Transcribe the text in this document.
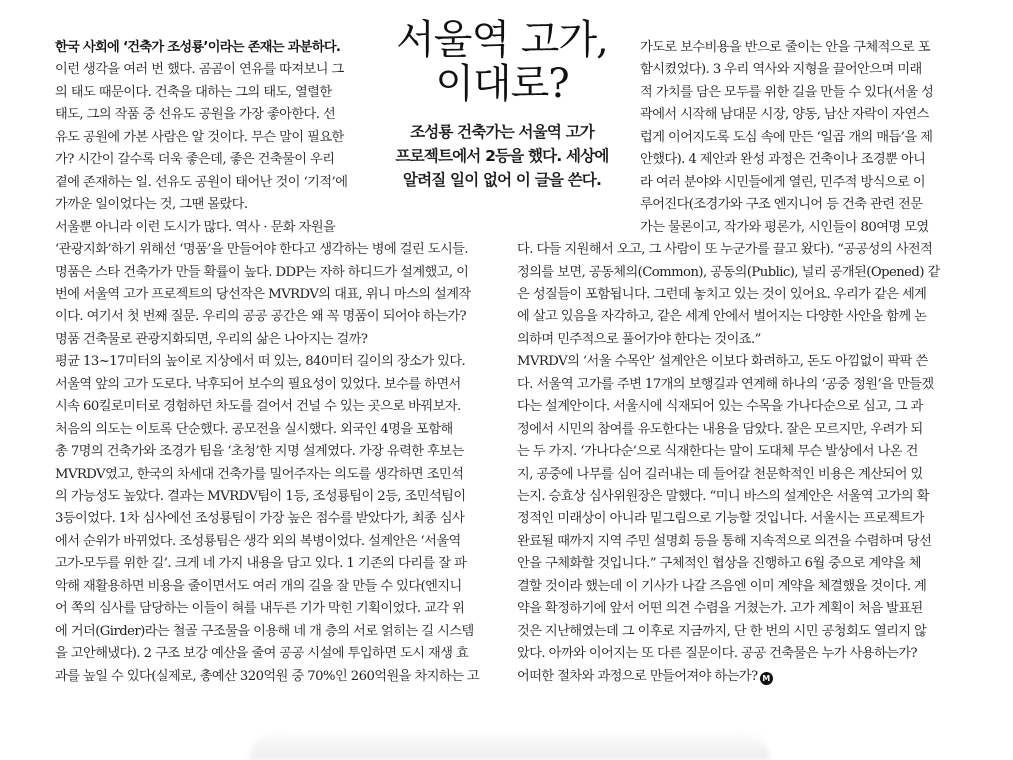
서울역 고가,
이대로?
조성룡 건축가는 서울역 고가
프로젝트에서 2등을 했다. 세상에
알려질 일이 없어 이 글을 쓴다.
한국 사회에 ‘건축가 조성룡’이라는 존재는 과분하다.
이런 생각을 여러 번 했다. 곰곰이 연유를 따져보니 그
의 태도 때문이다. 건축을 대하는 그의 태도, 열렬한
태도, 그의 작품 중 선유도 공원을 가장 좋아한다. 선
유도 공원에 가본 사람은 알 것이다. 무슨 말이 필요한
가? 시간이 갈수록 더욱 좋은데, 좋은 건축물이 우리
곁에 존재하는 일. 선유도 공원이 태어난 것이 ‘기적’에
가까운 일이었다는 것, 그땐 몰랐다.
서울뿐 아니라 이런 도시가 많다. 역사 · 문화 자원을
‘관광지화’하기 위해선 ‘명품’을 만들어야 한다고 생각하는 병에 걸린 도시들.
명품은 스타 건축가가 만들 확률이 높다. DDP는 자하 하디드가 설계했고, 이
번에 서울역 고가 프로젝트의 당선작은 MVRDV의 대표, 위니 마스의 설계작
이다. 여기서 첫 번째 질문. 우리의 공공 공간은 왜 꼭 명품이 되어야 하는가?
명품 건축물로 관광지화되면, 우리의 삶은 나아지는 걸까?
평균 13~17미터의 높이로 지상에서 떠 있는, 840미터 길이의 장소가 있다.
서울역 앞의 고가 도로다. 낙후되어 보수의 필요성이 있었다. 보수를 하면서
시속 60킬로미터로 경험하던 차도를 걸어서 건널 수 있는 곳으로 바꿔보자.
처음의 의도는 이토록 단순했다. 공모전을 실시했다. 외국인 4명을 포함해
총 7명의 건축가와 조경가 팀을 ‘초청’한 지명 설계였다. 가장 유력한 후보는
MVRDV였고, 한국의 차세대 건축가를 밀어주자는 의도를 생각하면 조민석
의 가능성도 높았다. 결과는 MVRDV팀이 1등, 조성룡팀이 2등, 조민석팀이
3등이었다. 1차 심사에선 조성룡팀이 가장 높은 점수를 받았다가, 최종 심사
에서 순위가 바뀌었다. 조성룡팀은 생각 외의 복병이었다. 설계안은 ‘서울역
고가-모두를 위한 길’. 크게 네 가지 내용을 담고 있다. 1 기존의 다리를 잘 파
악해 재활용하면 비용을 줄이면서도 여러 개의 길을 잘 만들 수 있다(엔지니
어 쪽의 심사를 담당하는 이들이 혀를 내두른 기가 막힌 기획이었다. 교각 위
에 거더(Girder)라는 철골 구조물을 이용해 네 개 층의 서로 얽히는 길 시스템
을 고안해냈다). 2 구조 보강 예산을 줄여 공공 시설에 투입하면 도시 재생 효
과를 높일 수 있다(실제로, 총예산 320억원 중 70%인 260억원을 차지하는 고
가도로 보수비용을 반으로 줄이는 안을 구체적으로 포
함시켰었다). 3 우리 역사와 지형을 끌어안으며 미래
적 가치를 담은 모두를 위한 길을 만들 수 있다(서울 성
곽에서 시작해 남대문 시장, 양동, 남산 자락이 자연스
럽게 이어지도록 도심 속에 만든 ‘일곱 개의 매듭’을 제
안했다). 4 제안과 완성 과정은 건축이나 조경뿐 아니
라 여러 분야와 시민들에게 열린, 민주적 방식으로 이
루어진다(조경가와 구조 엔지니어 등 건축 관련 전문
가는 물론이고, 작가와 평론가, 시인들이 80여명 모였
다. 다들 지원해서 오고, 그 사람이 또 누군가를 끌고 왔다). “공공성의 사전적
정의를 보면, 공동체의(Common), 공동의(Public), 널리 공개된(Opened) 같
은 성질들이 포함됩니다. 그런데 놓치고 있는 것이 있어요. 우리가 같은 세계
에 살고 있음을 자각하고, 같은 세계 안에서 벌어지는 다양한 사안을 함께 논
의하며 민주적으로 풀어가야 한다는 것이죠.”
MVRDV의 ‘서울 수목안’ 설계안은 이보다 화려하고, 돈도 아낌없이 팍팍 쓴
다. 서울역 고가를 주변 17개의 보행길과 연계해 하나의 ‘공중 정원’을 만들겠
다는 설계안이다. 서울시에 식재되어 있는 수목을 가나다순으로 심고, 그 과
정에서 시민의 참여를 유도한다는 내용을 담았다. 잘은 모르지만, 우려가 되
는 두 가지. ‘가나다순’으로 식재한다는 말이 도대체 무슨 발상에서 나온 건
지, 공중에 나무를 심어 길러내는 데 들어갈 천문학적인 비용은 계산되어 있
는지. 승효상 심사위원장은 말했다. “미니 바스의 설계안은 서울역 고가의 확
정적인 미래상이 아니라 밑그림으로 기능할 것입니다. 서울시는 프로젝트가
완료될 때까지 지역 주민 설명회 등을 통해 지속적으로 의견을 수렴하며 당선
안을 구체화할 것입니다.” 구체적인 협상을 진행하고 6월 중으로 계약을 체
결할 것이라 했는데 이 기사가 나갈 즈음엔 이미 계약을 체결했을 것이다. 계
약을 확정하기에 앞서 어떤 의견 수렴을 거쳤는가. 고가 계획이 처음 발표된
것은 지난해였는데 그 이후로 지금까지, 단 한 번의 시민 공청회도 열리지 않
았다. 아까와 이어지는 또 다른 질문이다. 공공 건축물은 누가 사용하는가?
어떠한 절차와 과정으로 만들어져야 하는가? M
